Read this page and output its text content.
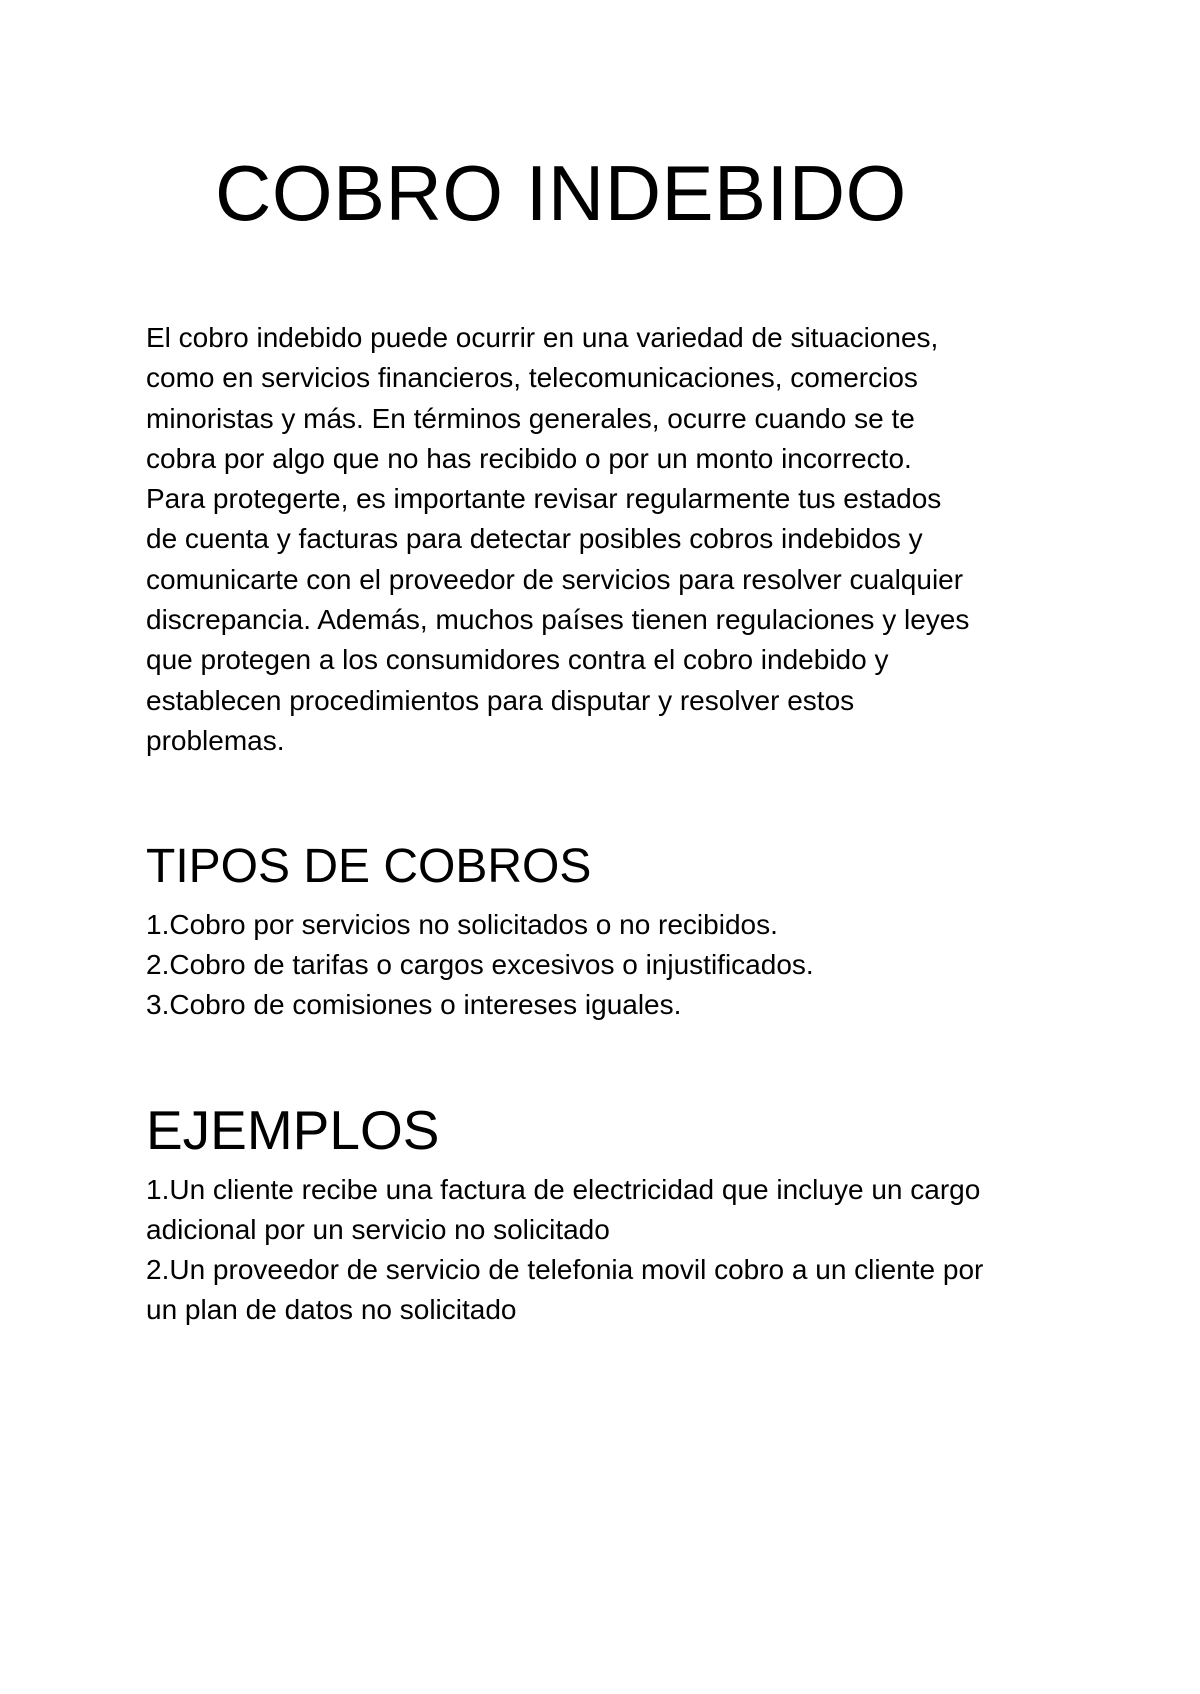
COBRO INDEBIDO

El cobro indebido puede ocurrir en una variedad de situaciones,
como en servicios financieros, telecomunicaciones, comercios
minoristas y más. En términos generales, ocurre cuando se te
cobra por algo que no has recibido o por un monto incorrecto.
Para protegerte, es importante revisar regularmente tus estados
de cuenta y facturas para detectar posibles cobros indebidos y
comunicarte con el proveedor de servicios para resolver cualquier
discrepancia. Además, muchos países tienen regulaciones y leyes
que protegen a los consumidores contra el cobro indebido y
establecen procedimientos para disputar y resolver estos
problemas.

TIPOS DE COBROS
1.Cobro por servicios no solicitados o no recibidos.
2.Cobro de tarifas o cargos excesivos o injustificados.
3.Cobro de comisiones o intereses iguales.
EJEMPLOS
1.Un cliente recibe una factura de electricidad que incluye un cargo
adicional por un servicio no solicitado
2.Un proveedor de servicio de telefonia movil cobro a un cliente por
un plan de datos no solicitado
